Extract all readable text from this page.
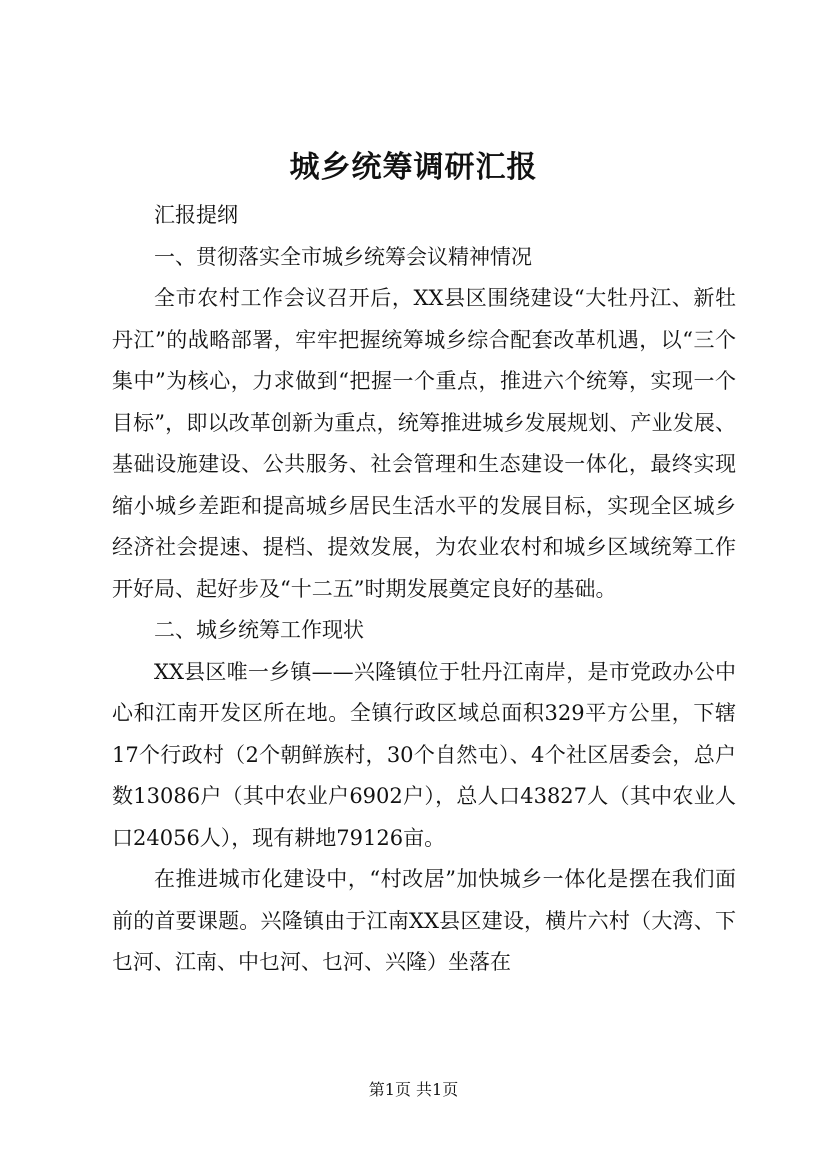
城乡统筹调研汇报

汇报提纲

一、贯彻落实全市城乡统筹会议精神情况

全市农村工作会议召开后，XX县区围绕建设“大牡丹江、新牡丹江”的战略部署，牢牢把握统筹城乡综合配套改革机遇，以“三个集中”为核心，力求做到“把握一个重点，推进六个统筹，实现一个目标”，即以改革创新为重点，统筹推进城乡发展规划、产业发展、基础设施建设、公共服务、社会管理和生态建设一体化，最终实现缩小城乡差距和提高城乡居民生活水平的发展目标，实现全区城乡经济社会提速、提档、提效发展，为农业农村和城乡区域统筹工作开好局、起好步及“十二五”时期发展奠定良好的基础。

二、城乡统筹工作现状

XX县区唯一乡镇——兴隆镇位于牡丹江南岸，是市党政办公中心和江南开发区所在地。全镇行政区域总面积329平方公里，下辖17个行政村（2个朝鲜族村，30个自然屯）、4个社区居委会，总户数13086户（其中农业户6902户），总人口43827人（其中农业人口24056人），现有耕地79126亩。

在推进城市化建设中，“村改居”加快城乡一体化是摆在我们面前的首要课题。兴隆镇由于江南XX县区建设，横片六村（大湾、下乜河、江南、中乜河、乜河、兴隆）坐落在

第1页 共1页
